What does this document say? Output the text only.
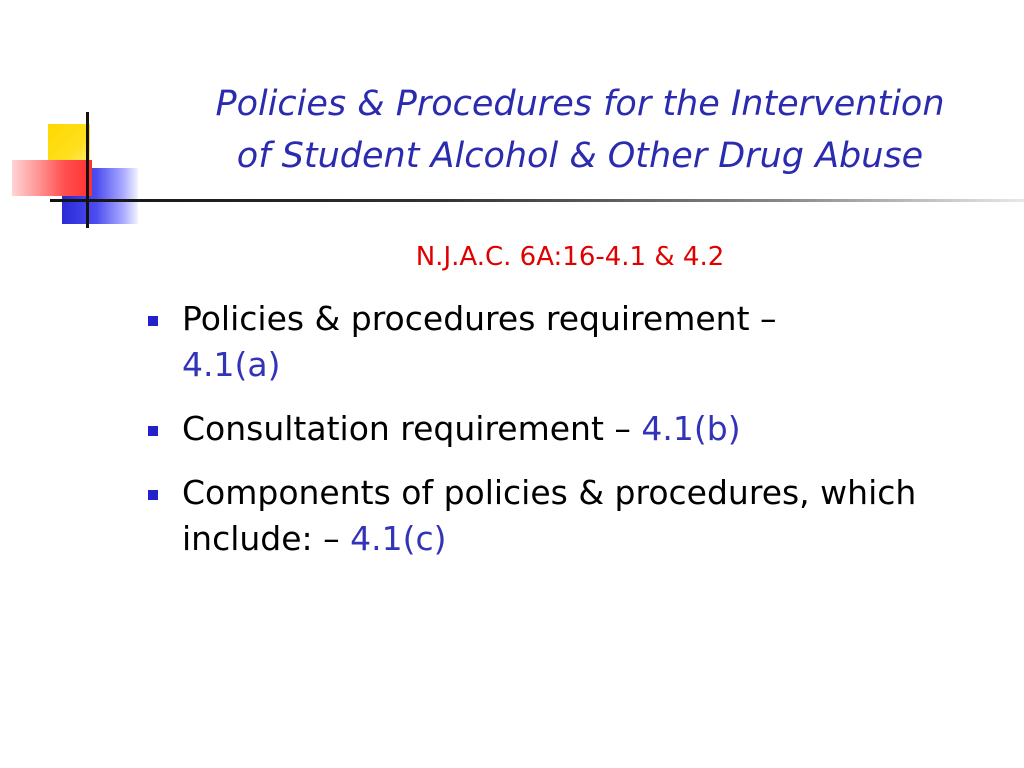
Policies & Procedures for the Intervention
of Student Alcohol & Other Drug Abuse
N.J.A.C. 6A:16-4.1 & 4.2
Policies & procedures requirement –
4.1(a)
Consultation requirement – 4.1(b)
Components of policies & procedures, which include: – 4.1(c)
